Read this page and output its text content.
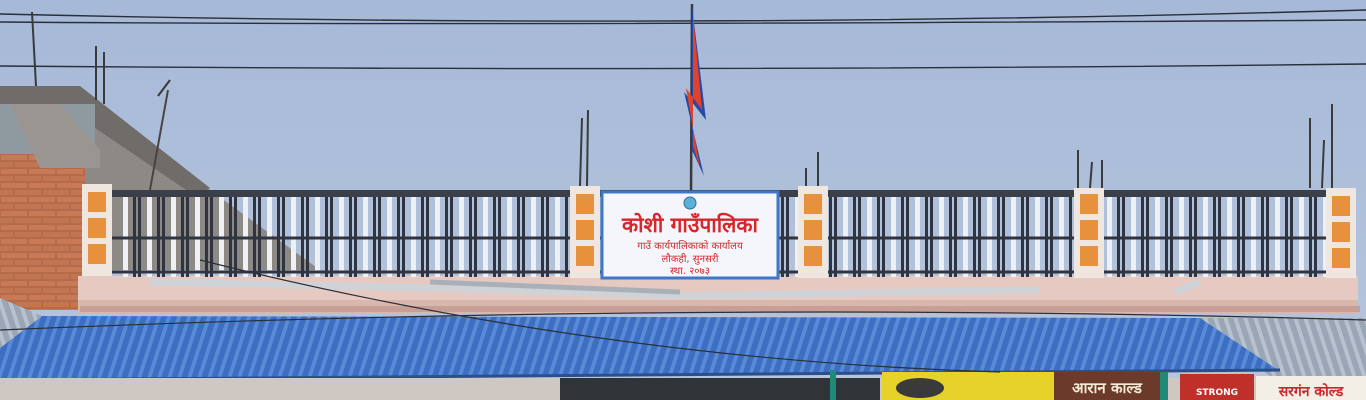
कोशी गाउँपालिका
गाउँ कार्यपालिकाको कार्यालय
लौकही, सुनसरी
स्था. २०७३
आरान काल्ड	STRONG	सरगंन कोल्ड
